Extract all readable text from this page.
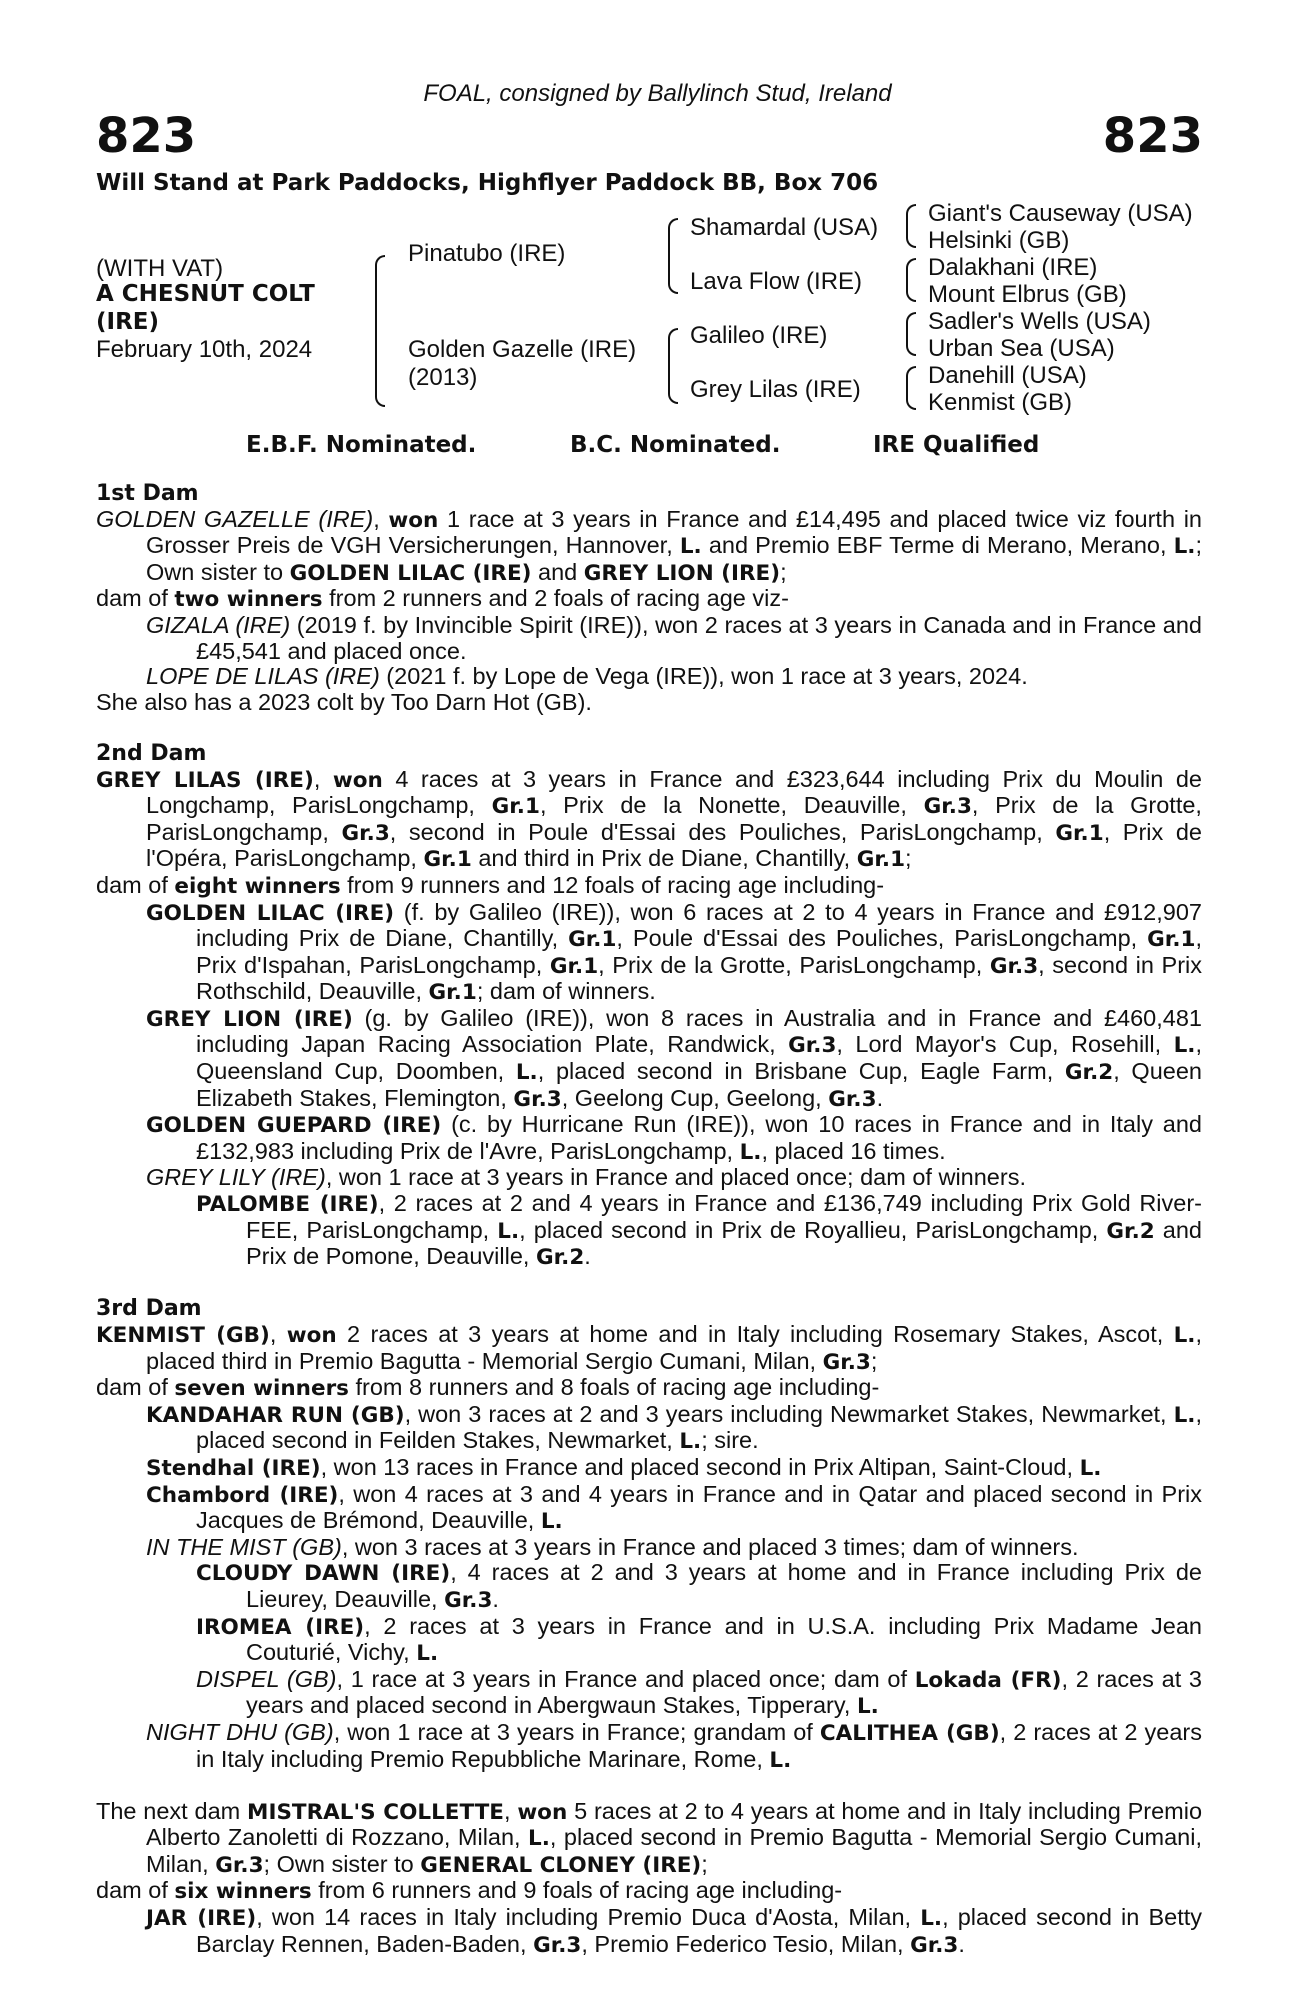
FOAL, consigned by Ballylinch Stud, Ireland
823	823
Will Stand at Park Paddocks, Highflyer Paddock BB, Box 706
(WITH VAT)
A CHESNUT COLT
(IRE)
February 10th, 2024
Pinatubo (IRE)
Golden Gazelle (IRE)
(2013)
Shamardal (USA)
Lava Flow (IRE)
Galileo (IRE)
Grey Lilas (IRE)
Giant's Causeway (USA)
Helsinki (GB)
Dalakhani (IRE)
Mount Elbrus (GB)
Sadler's Wells (USA)
Urban Sea (USA)
Danehill (USA)
Kenmist (GB)
E.B.F. Nominated.	B.C. Nominated.	IRE Qualified
1st Dam

GOLDEN GAZELLE (IRE), won 1 race at 3 years in France and £14,495 and placed twice viz fourth in Grosser Preis de VGH Versicherungen, Hannover, L. and Premio EBF Terme di Merano, Merano, L.; Own sister to GOLDEN LILAC (IRE) and GREY LION (IRE);

dam of two winners from 2 runners and 2 foals of racing age viz-

GIZALA (IRE) (2019 f. by Invincible Spirit (IRE)), won 2 races at 3 years in Canada and in France and £45,541 and placed once.

LOPE DE LILAS (IRE) (2021 f. by Lope de Vega (IRE)), won 1 race at 3 years, 2024.

She also has a 2023 colt by Too Darn Hot (GB).

2nd Dam

GREY LILAS (IRE), won 4 races at 3 years in France and £323,644 including Prix du Moulin de Longchamp, ParisLongchamp, Gr.1, Prix de la Nonette, Deauville, Gr.3, Prix de la Grotte, ParisLongchamp, Gr.3, second in Poule d'Essai des Pouliches, ParisLongchamp, Gr.1, Prix de l'Opéra, ParisLongchamp, Gr.1 and third in Prix de Diane, Chantilly, Gr.1;

dam of eight winners from 9 runners and 12 foals of racing age including-

GOLDEN LILAC (IRE) (f. by Galileo (IRE)), won 6 races at 2 to 4 years in France and £912,907 including Prix de Diane, Chantilly, Gr.1, Poule d'Essai des Pouliches, ParisLongchamp, Gr.1, Prix d'Ispahan, ParisLongchamp, Gr.1, Prix de la Grotte, ParisLongchamp, Gr.3, second in Prix Rothschild, Deauville, Gr.1; dam of winners.

GREY LION (IRE) (g. by Galileo (IRE)), won 8 races in Australia and in France and £460,481 including Japan Racing Association Plate, Randwick, Gr.3, Lord Mayor's Cup, Rosehill, L., Queensland Cup, Doomben, L., placed second in Brisbane Cup, Eagle Farm, Gr.2, Queen Elizabeth Stakes, Flemington, Gr.3, Geelong Cup, Geelong, Gr.3.

GOLDEN GUEPARD (IRE) (c. by Hurricane Run (IRE)), won 10 races in France and in Italy and £132,983 including Prix de l'Avre, ParisLongchamp, L., placed 16 times.

GREY LILY (IRE), won 1 race at 3 years in France and placed once; dam of winners.

PALOMBE (IRE), 2 races at 2 and 4 years in France and £136,749 including Prix Gold River-FEE, ParisLongchamp, L., placed second in Prix de Royallieu, ParisLongchamp, Gr.2 and Prix de Pomone, Deauville, Gr.2.

3rd Dam

KENMIST (GB), won 2 races at 3 years at home and in Italy including Rosemary Stakes, Ascot, L., placed third in Premio Bagutta - Memorial Sergio Cumani, Milan, Gr.3;

dam of seven winners from 8 runners and 8 foals of racing age including-

KANDAHAR RUN (GB), won 3 races at 2 and 3 years including Newmarket Stakes, Newmarket, L., placed second in Feilden Stakes, Newmarket, L.; sire.

Stendhal (IRE), won 13 races in France and placed second in Prix Altipan, Saint-Cloud, L.

Chambord (IRE), won 4 races at 3 and 4 years in France and in Qatar and placed second in Prix Jacques de Brémond, Deauville, L.

IN THE MIST (GB), won 3 races at 3 years in France and placed 3 times; dam of winners.

CLOUDY DAWN (IRE), 4 races at 2 and 3 years at home and in France including Prix de Lieurey, Deauville, Gr.3.

IROMEA (IRE), 2 races at 3 years in France and in U.S.A. including Prix Madame Jean Couturié, Vichy, L.

DISPEL (GB), 1 race at 3 years in France and placed once; dam of Lokada (FR), 2 races at 3 years and placed second in Abergwaun Stakes, Tipperary, L.

NIGHT DHU (GB), won 1 race at 3 years in France; grandam of CALITHEA (GB), 2 races at 2 years in Italy including Premio Repubbliche Marinare, Rome, L.

The next dam MISTRAL'S COLLETTE, won 5 races at 2 to 4 years at home and in Italy including Premio Alberto Zanoletti di Rozzano, Milan, L., placed second in Premio Bagutta - Memorial Sergio Cumani, Milan, Gr.3; Own sister to GENERAL CLONEY (IRE);

dam of six winners from 6 runners and 9 foals of racing age including-

JAR (IRE), won 14 races in Italy including Premio Duca d'Aosta, Milan, L., placed second in Betty Barclay Rennen, Baden-Baden, Gr.3, Premio Federico Tesio, Milan, Gr.3.
